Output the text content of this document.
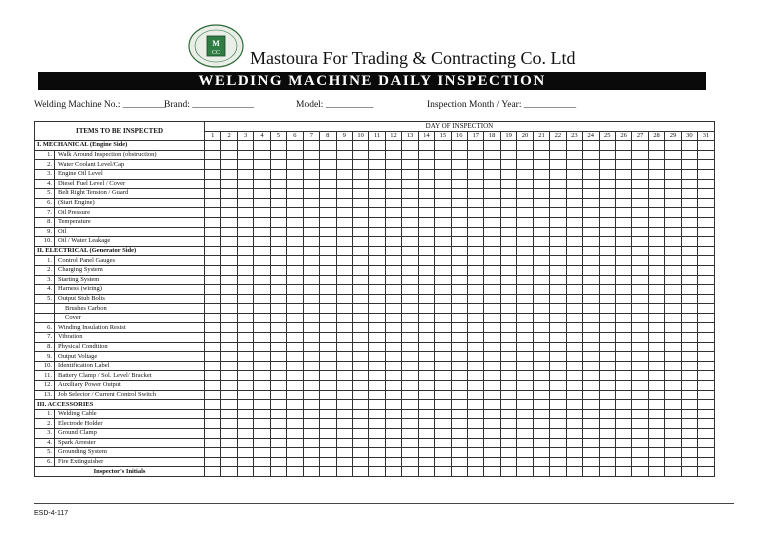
M
CC Mastoura For Trading & Contracting Co. Ltd
WELDING MACHINE DAILY INSPECTION
Welding Machine No.: _________
Brand: _____________	Model: __________	Inspection Month / Year: ___________
ITEMS TO BE INSPECTED		DAY OF INSPECTION																														
		1	2	3	4	5	6	7	8	9	10	11	12	13	14	15	16	17	18	19	20	21	22	23	24	25	26	27	28	29	30	31
I. MECHANICAL (Engine Side)																																
1.	Walk Around Inspection (obstruction)																															
2.	Water Coolant Level/Cap																															
3.	Engine Oil Level																															
4.	Diesel Fuel Level / Cover																															
5.	Belt Right Tension / Guard																															
6.	(Start Engine)																															
7.	Oil Pressure																															
8.	Temperature																															
9.	Oil																															
10.	Oil / Water Leakage																															
II. ELECTRICAL (Generator Side)																																
1.	Control Panel Gauges																															
2.	Charging System																															
3.	Starting System																															
4.	Harness (wiring)																															
5.	Output Stub Bolts																															
	Brushes Carbon																															
	Cover																															
6.	Winding Insulation Resist																															
7.	Vibration																															
8.	Physical Condition																															
9.	Output Voltage																															
10.	Identification Label																															
11.	Battery Clamp / Sol. Level/ Bracket																															
12.	Auxiliary Power Output																															
13.	Job Selector / Current Control Switch																															
III. ACCESSORIES																																
1.	Welding Cable																															
2.	Electrode Holder																															
3.	Ground Clamp																															
4.	Spark Arrester																															
5.	Grounding System																															
6.	Fire Extinguisher																															
Inspector's Initials																																
ESD-4-117
